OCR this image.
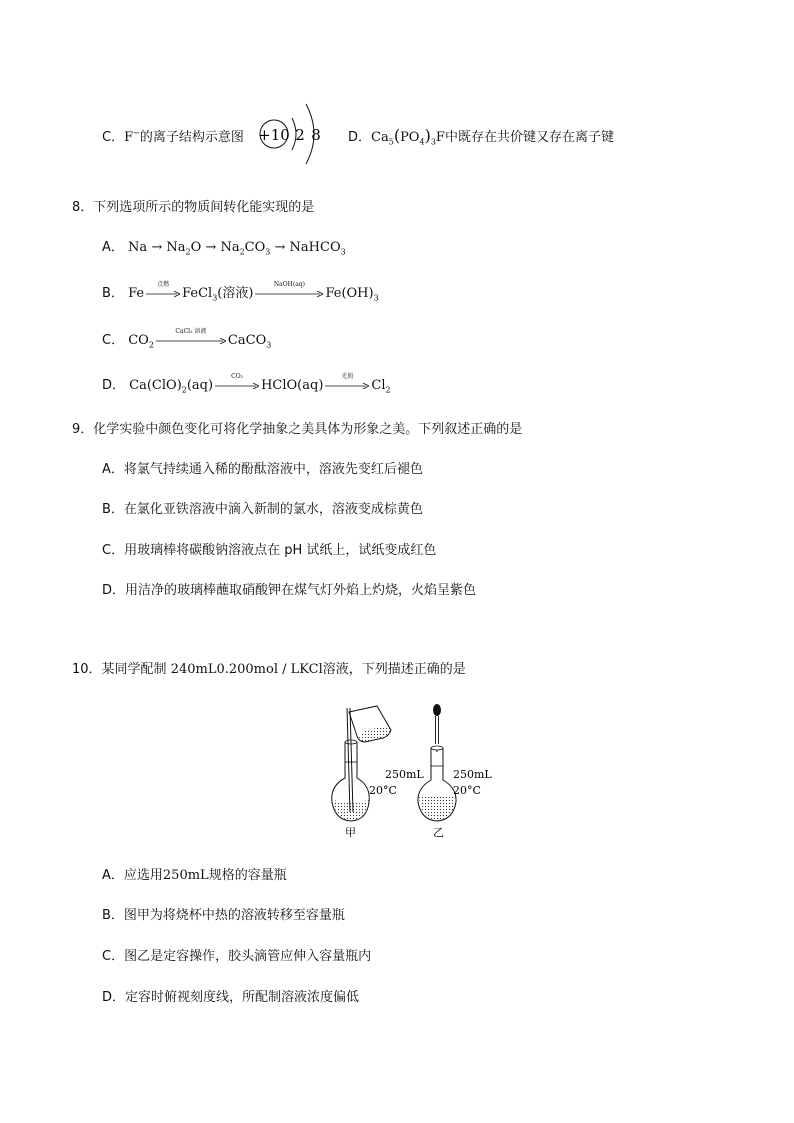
C．F−的离子结构示意图 +10 2 8 D．$Ca_5(PO_4)_3F$中既存在共价键又存在离子键
8．下列选项所示的物质间转化能实现的是
A． $Na \to Na_2O \to Na_2CO_3$ → NaHCO$_3$
B． Fe
点燃
FeCl$_3$(溶液)
NaOH(aq)
$Fe(OH)_3$
C． $CO_2$
CaCl₂ 溶液
CaCO$_3$
D． $Ca(ClO)_2(aq)$
CO₂
HClO(aq)
光照
$Cl_2$
9．化学实验中颜色变化可将化学抽象之美具体为形象之美。下列叙述正确的是
A．将氯气持续通入稀的酚酞溶液中，溶液先变红后褪色
B．在氯化亚铁溶液中滴入新制的氯水，溶液变成棕黄色
C．用玻璃棒将碳酸钠溶液点在 pH 试纸上，试纸变成红色
D．用洁净的玻璃棒蘸取硝酸钾在煤气灯外焰上灼烧，火焰呈紫色
10．某同学配制 240mL0.200mol / LKCl溶液，下列描述正确的是
250mL
20°C
甲
250mL
20°C
乙
A．应选用250mL规格的容量瓶
B．图甲为将烧杯中热的溶液转移至容量瓶
C．图乙是定容操作，胶头滴管应伸入容量瓶内
D．定容时俯视刻度线，所配制溶液浓度偏低
